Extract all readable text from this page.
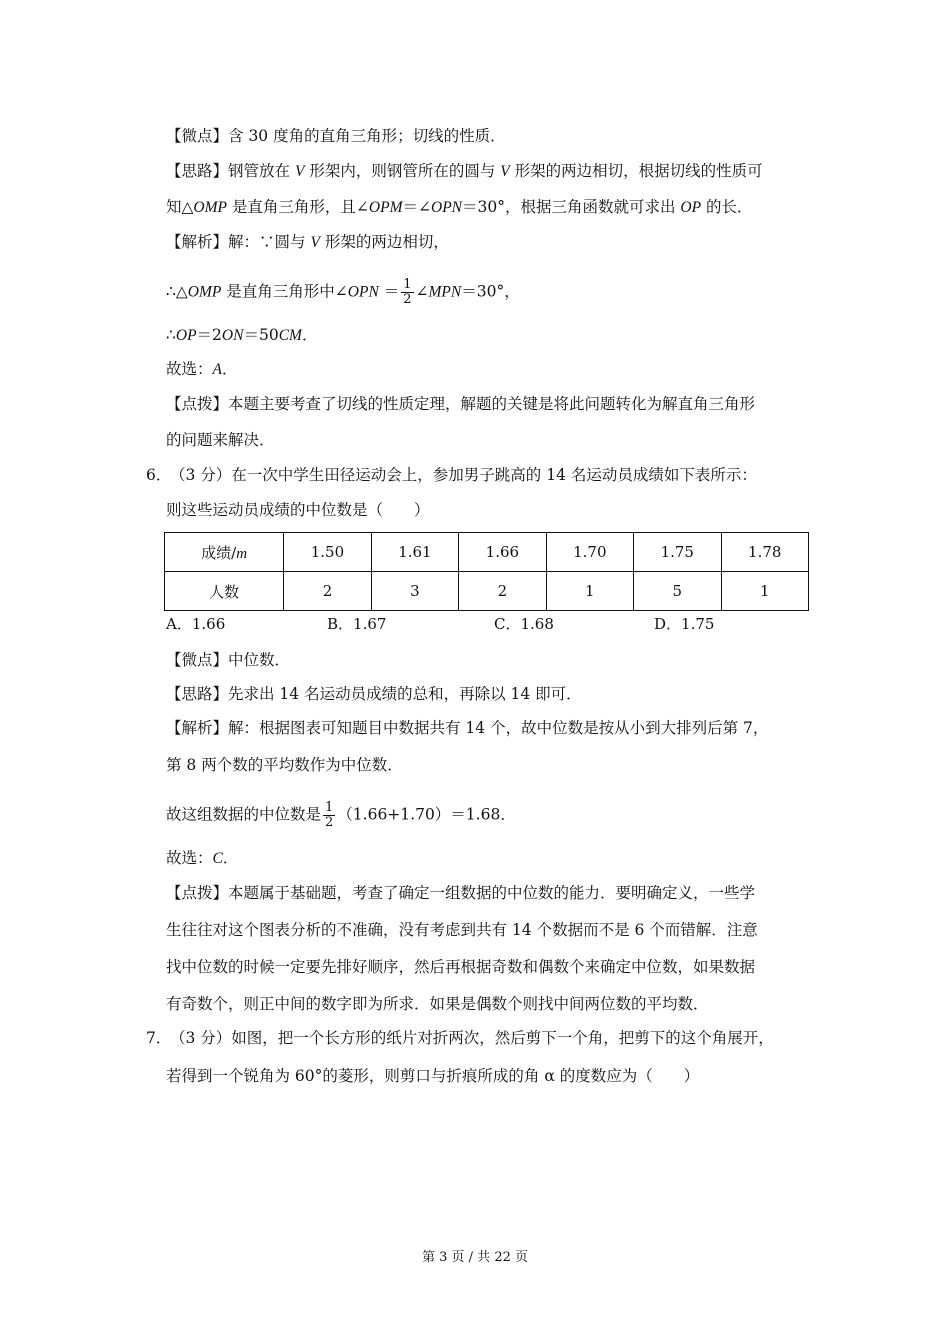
【微点】含 30 度角的直角三角形；切线的性质．
【思路】钢管放在 V 形架内，则钢管所在的圆与 V 形架的两边相切，根据切线的性质可
知△OMP 是直角三角形，且∠OPM＝∠OPN＝30°，根据三角函数就可求出 OP 的长．
【解析】解：∵圆与 V 形架的两边相切，
∴△OMP 是直角三角形中∠OPN ＝ $\frac{1}{2}$ ∠MPN＝30°，
∴OP＝2ON＝50CM．
故选：A．
【点拨】本题主要考查了切线的性质定理，解题的关键是将此问题转化为解直角三角形
的问题来解决．
6．
（3 分）在一次中学生田径运动会上，参加男子跳高的 14 名运动员成绩如下表所示：
则这些运动员成绩的中位数是（　　）
成绩/m	1.50	1.61	1.66	1.70	1.75	1.78
人数	2	3	2	1	5	1
A．1.66	B．1.67	C．1.68	D．1.75
【微点】中位数．
【思路】先求出 14 名运动员成绩的总和，再除以 14 即可．
【解析】解：根据图表可知题目中数据共有 14 个，故中位数是按从小到大排列后第 7，
第 8 两个数的平均数作为中位数．
故这组数据的中位数是 $\frac{1}{2} (1.66+1.70)=1.68$．
故选：C．
【点拨】本题属于基础题，考查了确定一组数据的中位数的能力．要明确定义，一些学
生往往对这个图表分析的不准确，没有考虑到共有 14 个数据而不是 6 个而错解．注意
找中位数的时候一定要先排好顺序，然后再根据奇数和偶数个来确定中位数，如果数据
有奇数个，则正中间的数字即为所求．如果是偶数个则找中间两位数的平均数．
7．
（3 分）如图，把一个长方形的纸片对折两次，然后剪下一个角，把剪下的这个角展开，
若得到一个锐角为 60°的菱形，则剪口与折痕所成的角 α 的度数应为（　　）
第 3 页 / 共 22 页
